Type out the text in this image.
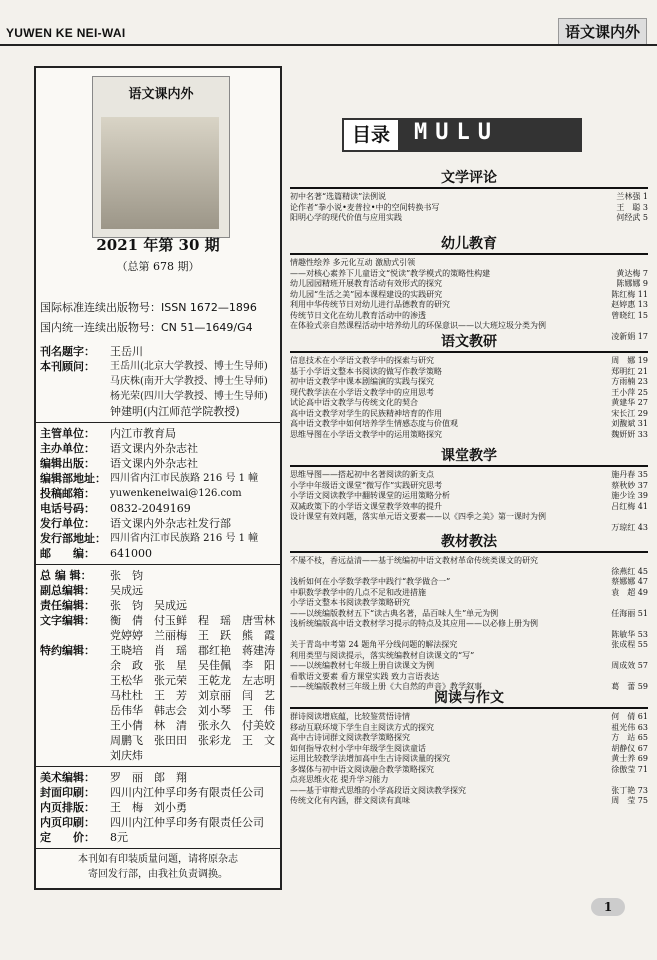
YUWEN KE NEI-WAI	语文课内外
语文课内外
2021 年第 30 期
（总第 678 期）
国际标准连续出版物号：ISSN 1672—1896
国内统一连续出版物号：CN 51—1649/G4
刊名题字：	王岳川
本刊顾问：	王岳川(北京大学教授、博士生导师)
马庆株(南开大学教授、博士生导师)
杨光荣(四川大学教授、博士生导师)
钟建明(内江师范学院教授)
主管单位：	内江市教育局
主办单位：	语文课内外杂志社
编辑出版：	语文课内外杂志社
编辑部地址： 四川省内江市民族路 216 号 1 幢
投稿邮箱：	yuwenkeneiwai@126.com
电话号码：	0832-2049169
发行单位：	语文课内外杂志社发行部
发行部地址： 四川省内江市民族路 216 号 1 幢
邮　　编：	641000
总 编 辑：	张　钧
副总编辑：	吴成远
责任编辑：	张　钧　吴成远
文字编辑：	衡　倩　付玉鲜　程　瑶　唐雪林
党婷婷　兰丽梅　王　跃　熊　霞
特约编辑：	王晓培　肖　瑶　郡红艳　蒋建涛
余　政　张　星　吴佳佩　李　阳
王松华　张元荣　王乾龙　左志明
马杜杜　王　芳　刘京丽　闫　艺
岳伟华　韩志会　刘小琴　王　伟
王小倩　林　清　张永久　付美姣
周鹏飞　张田田　张彩龙　王　文
刘庆炜
美术编辑：	罗　丽　郎　翔
封面印刷：	四川内江仲孚印务有限责任公司
内页排版：	王　梅　刘小勇
内页印刷：	四川内江仲孚印务有限责任公司
定　　价：	8元
本刊如有印装质量问题，请将原杂志
寄回发行部，由我社负责调换。
目录	MULU
文学评论
初中名著“选篇精读”法例说	兰林强 1
论作者“拳小说•麦普拉•中的空间转换书写	王　聪 3
阳明心学的现代价值与应用实践	何经武 5
幼儿教育
情趣性绘养 多元化互动 激励式引领
——对核心素养下儿童语文“悦读”教学模式的策略性构建	黄达梅 7
幼儿园园精班开展教育活动有效形式的探究	陈娜娜 9
幼儿园“生活之美”园本课程建设的实践研究	陈红梅 11
利用中华传统节日对幼儿进行品德教育的研究	赵婷惠 13
传统节日文化在幼儿教育活动中的渗透	曾晓红 15
在体验式亲自然课程活动中培养幼儿的环保意识——以大班垃圾分类为例
凌新娟 17
语文教研
信息技术在小学语文教学中的探索与研究	周　娜 19
基于小学语文整本书阅读的做写作教学策略	郑明红 21
初中语文教学中课本剧编演的实践与探究	方雨楠 23
现代教学法在小学语文教学中的应用思考	王小萍 25
试论高中语文教学与传统文化的契合	黄建华 27
高中语文教学对学生的民族精神培育的作用	宋长江 29
高中语文教学中如何培养学生情感态度与价值观	刘馥斌 31
思维导图在小学语文教学中的运用策略探究	魏妍妍 33
课堂教学
思维导图——搭起初中名著阅读的新支点	施丹春 35
小学中年级语文课堂“微写作”实践研究思考	蔡秋妙 37
小学语文阅读教学中翻转课堂的运用策略分析	施少诠 39
双减政策下的小学语文课堂教学效率的提升	吕红梅 41
设计课堂有效问题，落实单元语文要素——以《四季之美》第一课时为例
万琼红 43
教材教法
不屡不枝，香远益清——基于统编初中语文教材革命传统类课文的研究
徐燕红 45
浅析如何在小学数学教学中践行“教学做合一”	蔡娜娜 47
中职数学教学中的几点不足和改进措施	袁　超 49
小学语文整本书阅读教学策略研究
——以统编版教材五下“读古典名著，品百味人生”单元为例	任海丽 51
浅析统编版高中语文教材学习提示的特点及其应用——以必修上册为例
陈敏华 53
关于青岛中考第 24 题角平分线问题的解法探究	张成程 55
利用类型与阅读提示，落实统编教材自读课文的“写”
——以统编教材七年级上册自读课文为例	周成效 57
看歌语文要素 看方课堂实践 致力言语表达
——统编版教材三年级上册《大自然的声音》教学叙事	葛　蕾 59
阅读与作文
群诗阅读增底蕴，比较鉴赏悟诗情	何　倩 61
移动互联环境下学生自主阅读方式的探究	祖光伟 63
高中古诗词群文阅读教学策略探究	方　站 65
如何指导农村小学中年级学生阅读童话	胡静仪 67
运用比较教学法增加高中生古诗阅读量的探究	黄士养 69
多媒体与初中语文阅读融合教学策略探究	徐傲莹 71
点亮思维火花 提升学习能力
——基于审辩式思维的小学高段语文阅读教学探究	张丁艳 73
传统文化有内涵，群文阅读有真味	周　莹 75
1
